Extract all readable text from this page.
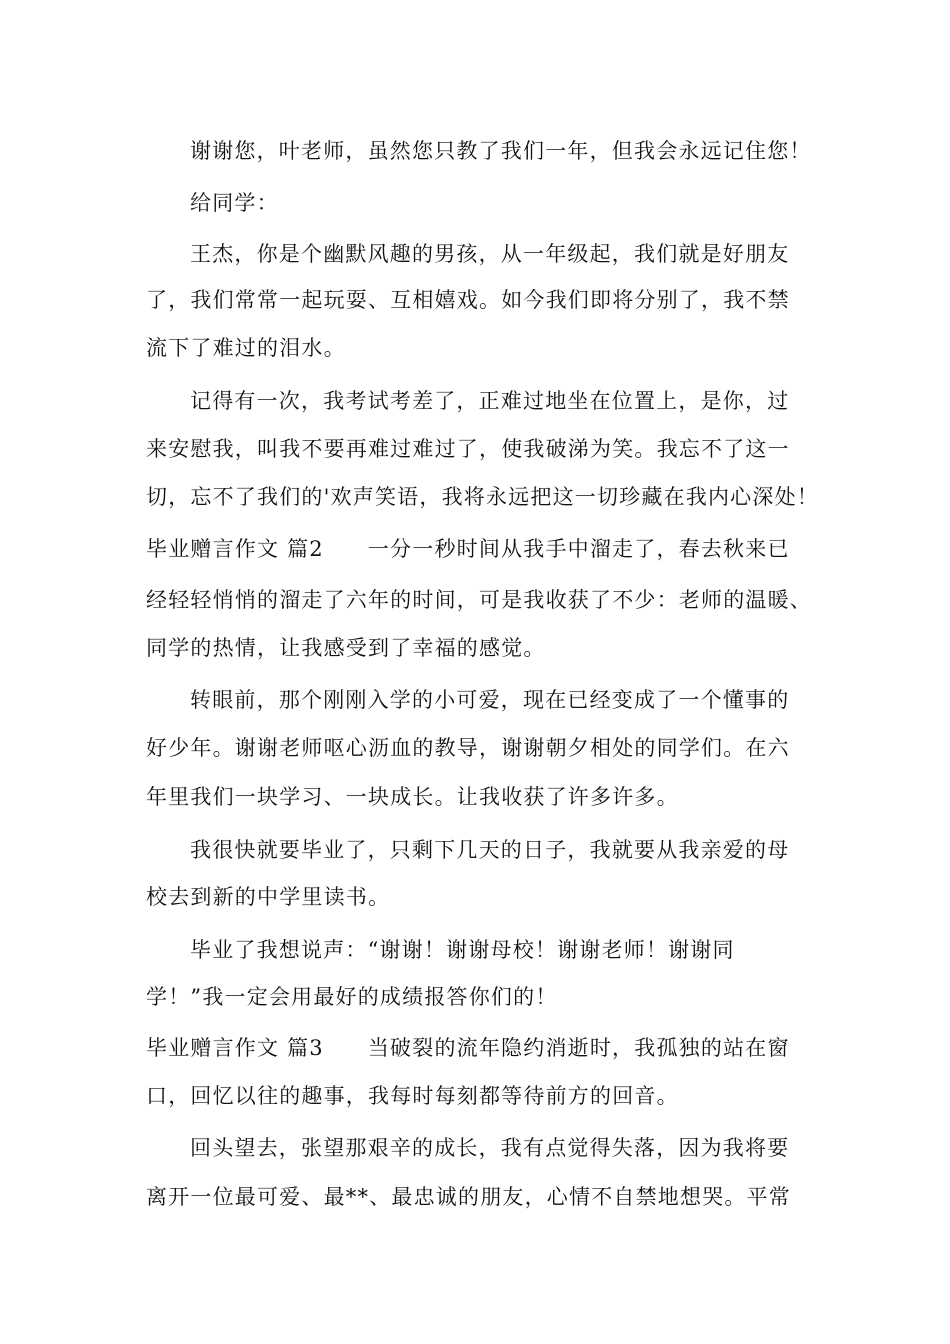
谢谢您，叶老师，虽然您只教了我们一年，但我会永远记住您！
给同学：
王杰，你是个幽默风趣的男孩，从一年级起，我们就是好朋友
了，我们常常一起玩耍、互相嬉戏。如今我们即将分别了，我不禁
流下了难过的泪水。
记得有一次，我考试考差了，正难过地坐在位置上，是你，过
来安慰我，叫我不要再难过难过了，使我破涕为笑。我忘不了这一
切，忘不了我们的'欢声笑语，我将永远把这一切珍藏在我内心深处！
毕业赠言作文 篇2 一分一秒时间从我手中溜走了，春去秋来已
经轻轻悄悄的溜走了六年的时间，可是我收获了不少：老师的温暖、
同学的热情，让我感受到了幸福的感觉。
转眼前，那个刚刚入学的小可爱，现在已经变成了一个懂事的
好少年。谢谢老师呕心沥血的教导，谢谢朝夕相处的同学们。在六
年里我们一块学习、一块成长。让我收获了许多许多。
我很快就要毕业了，只剩下几天的日子，我就要从我亲爱的母
校去到新的中学里读书。
毕业了我想说声：“谢谢！谢谢母校！谢谢老师！谢谢同
学！”我一定会用最好的成绩报答你们的！
毕业赠言作文 篇3 当破裂的流年隐约消逝时，我孤独的站在窗
口，回忆以往的趣事，我每时每刻都等待前方的回音。
回头望去，张望那艰辛的成长，我有点觉得失落，因为我将要
离开一位最可爱、最**、最忠诚的朋友，心情不自禁地想哭。平常
